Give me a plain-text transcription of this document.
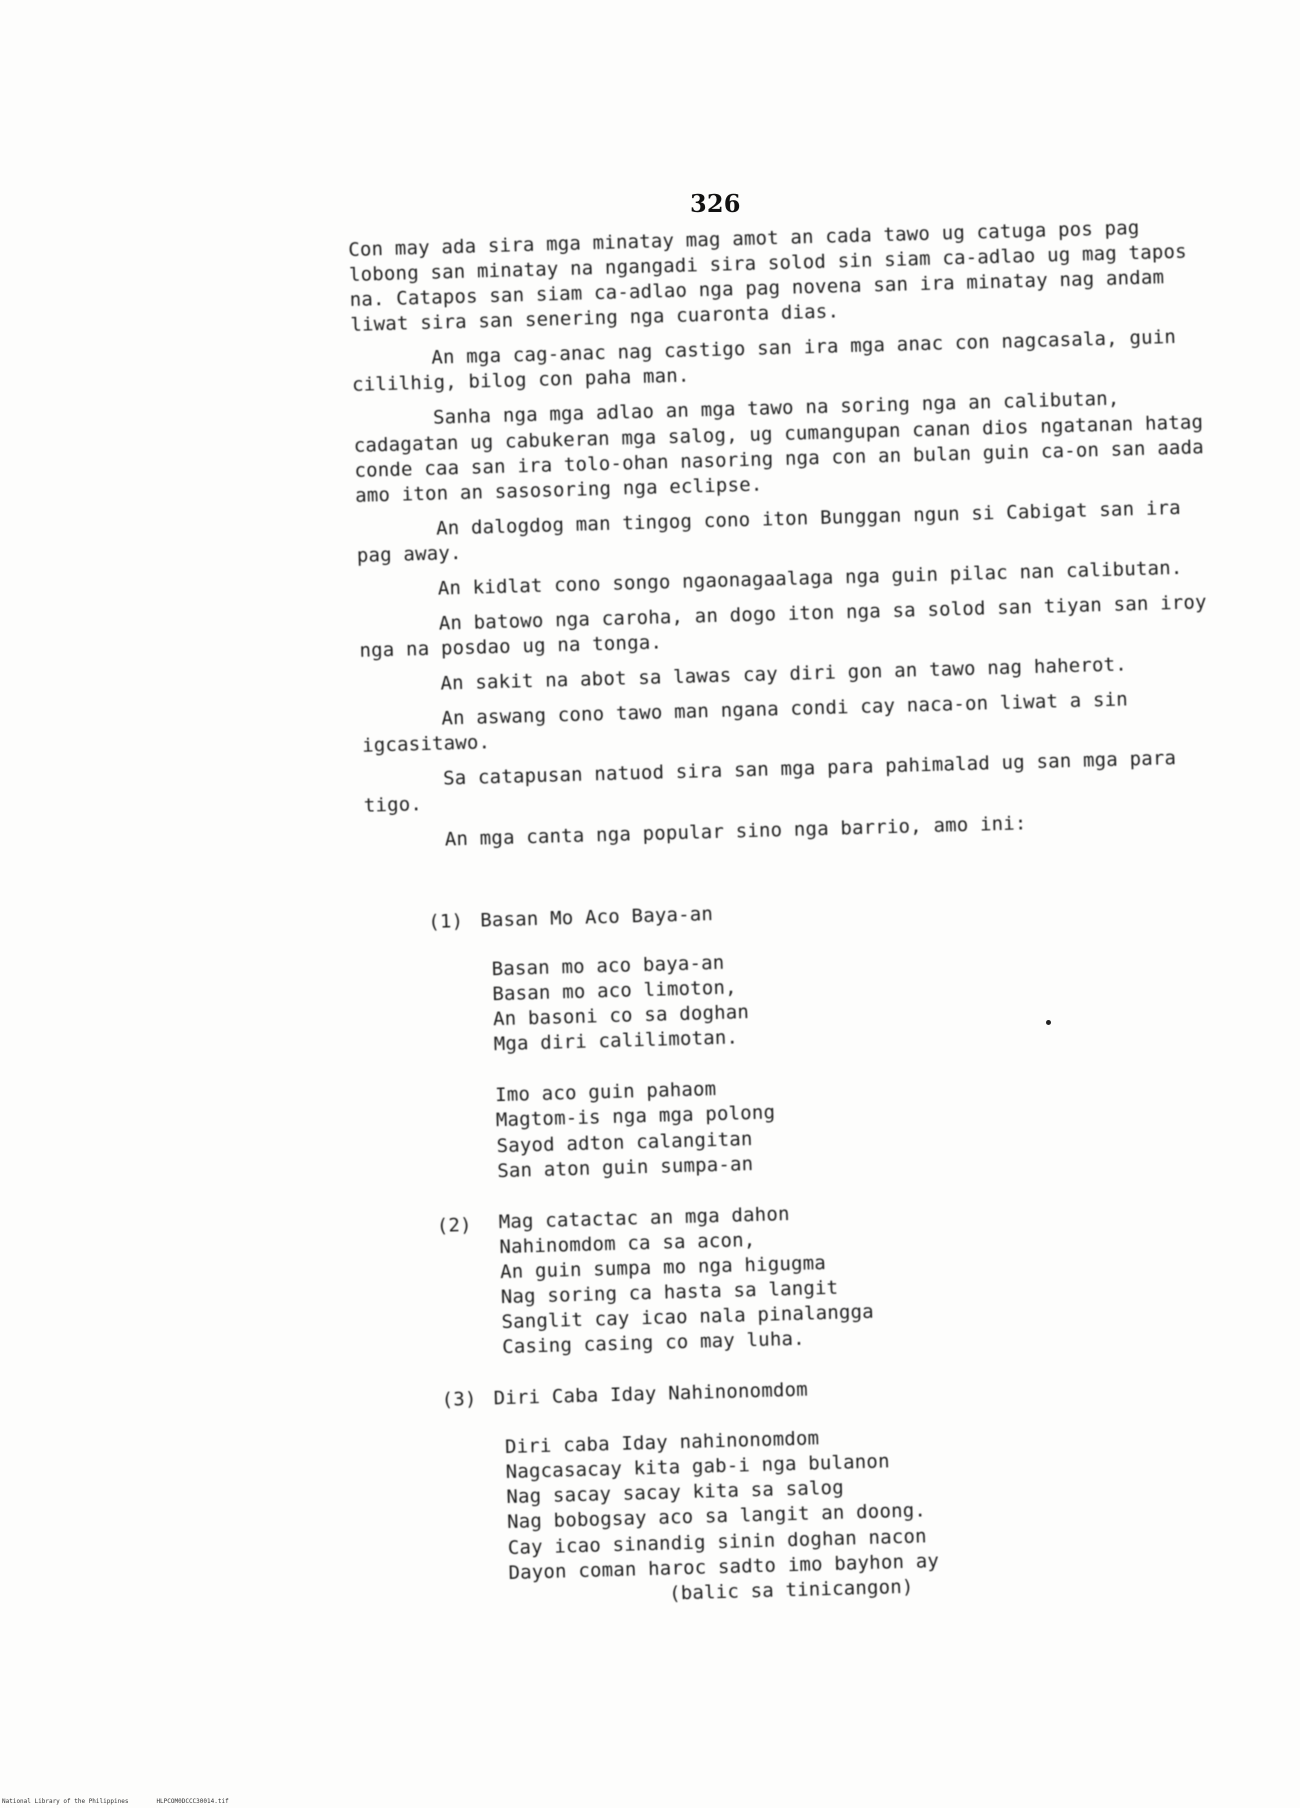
326

Con may ada sira mga minatay mag amot an cada tawo ug catuga pos pag lobong san minatay na ngangadi sira solod sin siam ca-adlao ug mag tapos na. Catapos san siam ca-adlao nga pag novena san ira minatay nag andam liwat sira san senering nga cuaronta dias.

An mga cag-anac nag castigo san ira mga anac con nagcasala, guin cililhig, bilog con paha man.

Sanha nga mga adlao an mga tawo na soring nga an calibutan, cadagatan ug cabukeran mga salog, ug cumangupan canan dios ngatanan hatag conde caa san ira tolo-ohan nasoring nga con an bulan guin ca-on san aada amo iton an sasosoring nga eclipse.

An dalogdog man tingog cono iton Bunggan ngun si Cabigat san ira pag away.

An kidlat cono songo ngaonagaalaga nga guin pilac nan calibutan.

An batowo nga caroha, an dogo iton nga sa solod san tiyan san iroy nga na posdao ug na tonga.

An sakit na abot sa lawas cay diri gon an tawo nag haherot.

An aswang cono tawo man ngana condi cay naca-on liwat a sin igcasitawo.

Sa catapusan natuod sira san mga para pahimalad ug san mga para tigo.

An mga canta nga popular sino nga barrio, amo ini:

(1) Basan Mo Aco Baya-an
Basan mo aco baya-an
Basan mo aco limoton,
An basoni co sa doghan
Mga diri calilimotan.
Imo aco guin pahaom
Magtom-is nga mga polong
Sayod adton calangitan
San aton guin sumpa-an
(2)	Mag catactac an mga dahon
Nahinomdom ca sa acon,
An guin sumpa mo nga higugma
Nag soring ca hasta sa langit
Sanglit cay icao nala pinalangga
Casing casing co may luha.
(3) Diri Caba Iday Nahinonomdom
Diri caba Iday nahinonomdom
Nagcasacay kita gab-i nga bulanon
Nag sacay sacay kita sa salog
Nag bobogsay aco sa langit an doong.
Cay icao sinandig sinin doghan nacon
Dayon coman haroc sadto imo bayhon ay
(balic sa tinicangon)
National Library of the Philippines	HLPCOM0DCCC30014.tif
